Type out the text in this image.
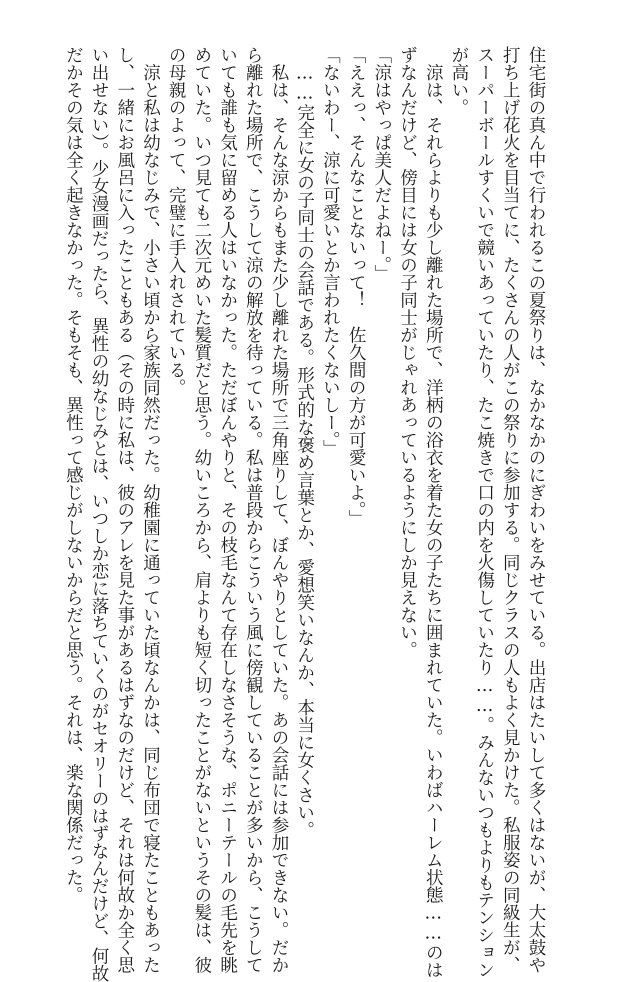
住宅街の真ん中で行われるこの夏祭りは、なかなかのにぎわいをみせている。出店はたいして多くはないが、大太鼓や
打ち上げ花火を目当てに、たくさんの人がこの祭りに参加する。同じクラスの人もよく見かけた。私服姿の同級生が、
スーパーボールすくいで競いあっていたり、たこ焼きで口の内を火傷していたり……。みんないつもよりもテンション
が高い。
　涼は、それらよりも少し離れた場所で、洋柄の浴衣を着た女の子たちに囲まれていた。いわばハーレム状態……のは
ずなんだけど、傍目には女の子同士がじゃれあっているようにしか見えない。
「涼はやっぱ美人だよねー。」
「ええっ、そんなことないって！　佐久間の方が可愛いよ。」
「ないわー、涼に可愛いとか言われたくないしー。」
　……完全に女の子同士の会話である。形式的な褒め言葉とか、愛想笑いなんか、本当に女くさい。
　私は、そんな涼からもまた少し離れた場所で三角座りして、ぼんやりとしていた。あの会話には参加できない。だか
ら離れた場所で、こうして涼の解放を待っている。私は普段からこういう風に傍観していることが多いから、こうして
いても誰も気に留める人はいなかった。ただぼんやりと、その枝毛なんて存在しなさそうな、ポニーテールの毛先を眺
めていた。いつ見ても二次元めいた髪質だと思う。幼いころから、肩よりも短く切ったことがないというその髪は、彼
の母親のよって、完璧に手入れされている。
　涼と私は幼なじみで、小さい頃から家族同然だった。幼稚園に通っていた頃なんかは、同じ布団で寝たこともあった
し、一緒にお風呂に入ったこともある（その時に私は、彼のアレを見た事があるはずなのだけど、それは何故か全く思
い出せない）。少女漫画だったら、異性の幼なじみとは、いつしか恋に落ちていくのがセオリーのはずなんだけど、何故
だかその気は全く起きなかった。そもそも、異性って感じがしないからだと思う。それは、楽な関係だった。
